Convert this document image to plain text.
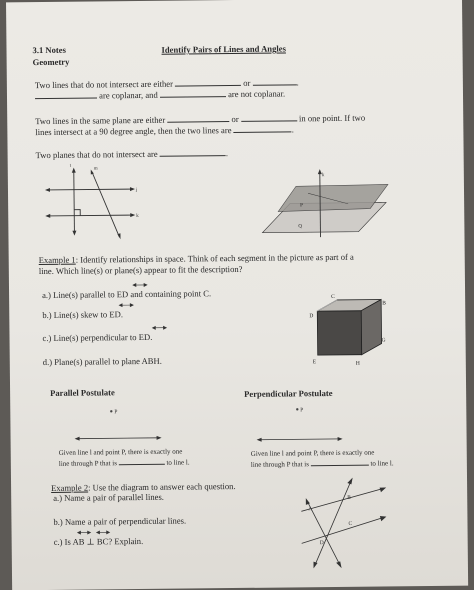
3.1 Notes
Geometry
Identify Pairs of Lines and Angles
Two lines that do not intersect are either	or	.
are coplanar, and	are not coplanar.
Two lines in the same plane are either	or	in one point. If two
lines intersect at a 90 degree angle, then the two lines are	.
Two planes that do not intersect are	.
t
m
j
k
k
P
Q
Example 1: Identify relationships in space. Think of each segment in the picture as part of a
line. Which line(s) or plane(s) appear to fit the description?
a.) Line(s) parallel to ED and containing point C.
b.) Line(s) skew to ED.
c.) Line(s) perpendicular to ED.
d.) Plane(s) parallel to plane ABH.
C
B
D
G
E	H
Parallel Postulate	Perpendicular Postulate
P	P
Given line l and point P, there is exactly one
line through P that is	to line l.
Given line l and point P, there is exactly one
line through P that is	to line l.
Example 2: Use the diagram to answer each question.
a.) Name a pair of parallel lines.
b.) Name a pair of perpendicular lines.
c.) Is AB ⊥ BC? Explain.
B
A
C
D
